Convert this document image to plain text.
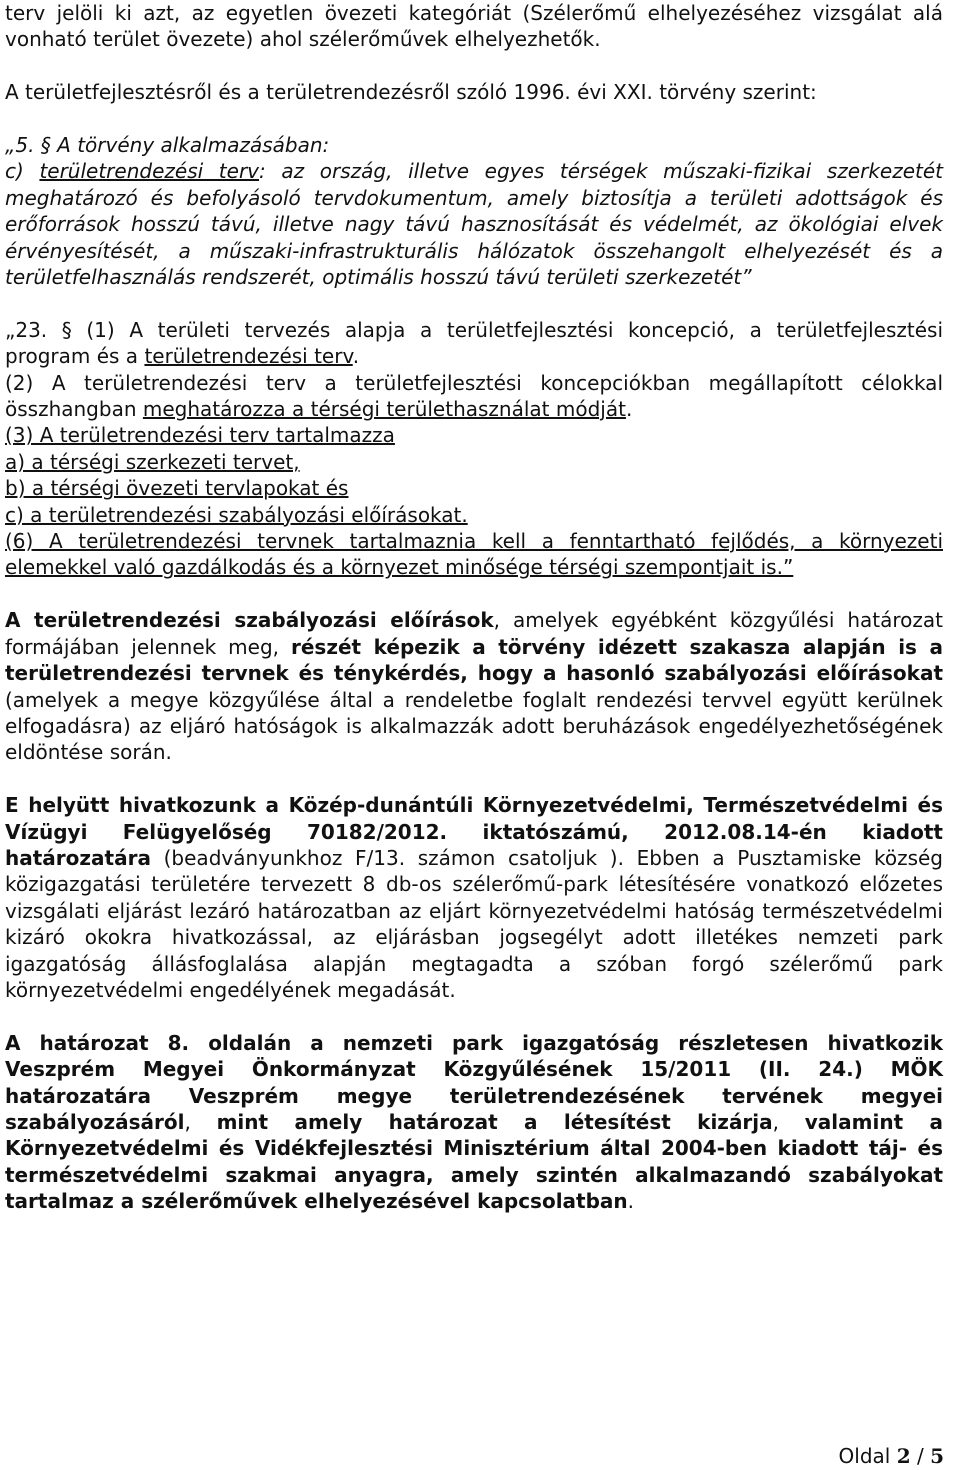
terv jelöli ki azt, az egyetlen övezeti kategóriát (Szélerőmű elhelyezéséhez vizsgálat alá vonható terület övezete) ahol szélerőművek elhelyezhetők.

A területfejlesztésről és a területrendezésről szóló 1996. évi XXI. törvény szerint:

„5. § A törvény alkalmazásában:

c) területrendezési terv: az ország, illetve egyes térségek műszaki-fizikai szerkezetét meghatározó és befolyásoló tervdokumentum, amely biztosítja a területi adottságok és erőforrások hosszú távú, illetve nagy távú hasznosítását és védelmét, az ökológiai elvek érvényesítését, a műszaki-infrastrukturális hálózatok összehangolt elhelyezését és a területfelhasználás rendszerét, optimális hosszú távú területi szerkezetét”

„23. § (1) A területi tervezés alapja a területfejlesztési koncepció, a területfejlesztési program és a területrendezési terv.

(2) A területrendezési terv a területfejlesztési koncepciókban megállapított célokkal összhangban meghatározza a térségi területhasználat módját.

(3) A területrendezési terv tartalmazza

a) a térségi szerkezeti tervet,

b) a térségi övezeti tervlapokat és

c) a területrendezési szabályozási előírásokat.

(6) A területrendezési tervnek tartalmaznia kell a fenntartható fejlődés, a környezeti elemekkel való gazdálkodás és a környezet minősége térségi szempontjait is.”

A területrendezési szabályozási előírások, amelyek egyébként közgyűlési határozat formájában jelennek meg, részét képezik a törvény idézett szakasza alapján is a területrendezési tervnek és ténykérdés, hogy a hasonló szabályozási előírásokat (amelyek a megye közgyűlése által a rendeletbe foglalt rendezési tervvel együtt kerülnek elfogadásra) az eljáró hatóságok is alkalmazzák adott beruházások engedélyezhetőségének eldöntése során.

E helyütt hivatkozunk a Közép-dunántúli Környezetvédelmi, Természetvédelmi és Vízügyi Felügyelőség 70182/2012. iktatószámú, 2012.08.14-én kiadott határozatára (beadványunkhoz F/13. számon csatoljuk ). Ebben a Pusztamiske község közigazgatási területére tervezett 8 db-os szélerőmű-park létesítésére vonatkozó előzetes vizsgálati eljárást lezáró határozatban az eljárt környezetvédelmi hatóság természetvédelmi kizáró okokra hivatkozással, az eljárásban jogsegélyt adott illetékes nemzeti park igazgatóság állásfoglalása alapján megtagadta a szóban forgó szélerőmű park környezetvédelmi engedélyének megadását.

A határozat 8. oldalán a nemzeti park igazgatóság részletesen hivatkozik Veszprém Megyei Önkormányzat Közgyűlésének 15/2011 (II. 24.) MÖK határozatára Veszprém megye területrendezésének tervének megyei szabályozásáról, mint amely határozat a létesítést kizárja, valamint a Környezetvédelmi és Vidékfejlesztési Minisztérium által 2004-ben kiadott táj- és természetvédelmi szakmai anyagra, amely szintén alkalmazandó szabályokat tartalmaz a szélerőművek elhelyezésével kapcsolatban.

Oldal 2 / 5
